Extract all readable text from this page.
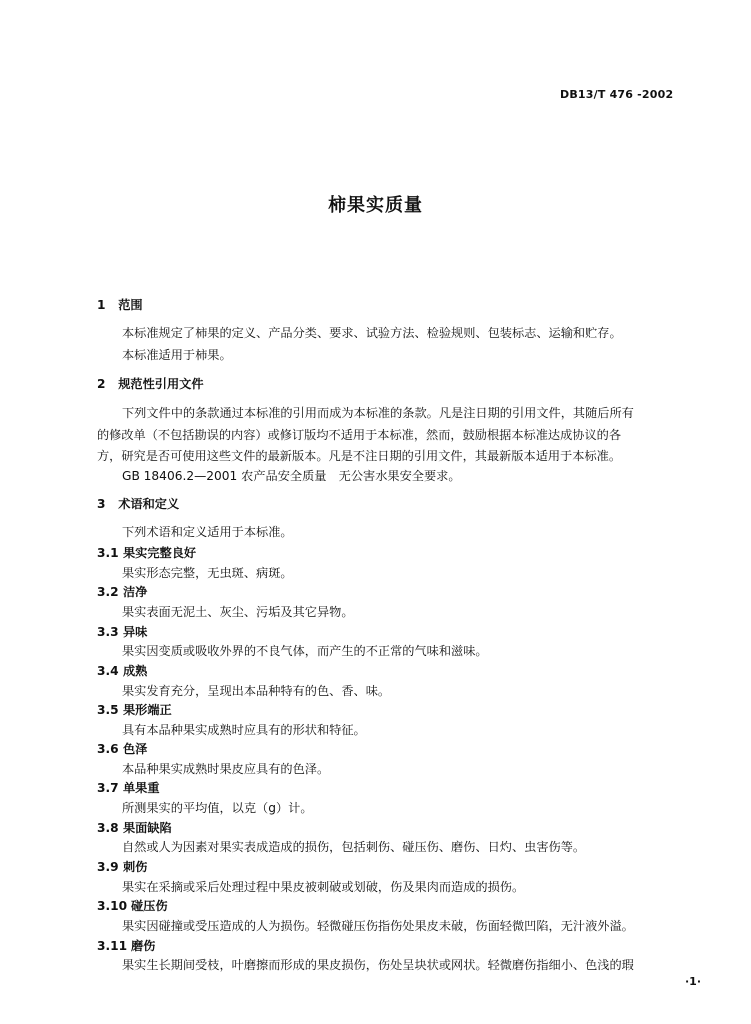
DB13/T 476 -2002
柿果实质量
1 范围
本标准规定了柿果的定义、产品分类、要求、试验方法、检验规则、包装标志、运输和贮存。
本标准适用于柿果。
2 规范性引用文件
下列文件中的条款通过本标准的引用而成为本标准的条款。凡是注日期的引用文件，其随后所有
的修改单（不包括勘误的内容）或修订版均不适用于本标准，然而，鼓励根据本标准达成协议的各
方，研究是否可使用这些文件的最新版本。凡是不注日期的引用文件，其最新版本适用于本标准。
GB 18406.2—2001 农产品安全质量　无公害水果安全要求。
3 术语和定义
下列术语和定义适用于本标准。
3.1 果实完整良好
果实形态完整，无虫斑、病斑。
3.2 洁净
果实表面无泥土、灰尘、污垢及其它异物。
3.3 异味
果实因变质或吸收外界的不良气体，而产生的不正常的气味和滋味。
3.4 成熟
果实发育充分，呈现出本品种特有的色、香、味。
3.5 果形端正
具有本品种果实成熟时应具有的形状和特征。
3.6 色泽
本品种果实成熟时果皮应具有的色泽。
3.7 单果重
所测果实的平均值，以克（g）计。
3.8 果面缺陷
自然或人为因素对果实表成造成的损伤，包括刺伤、碰压伤、磨伤、日灼、虫害伤等。
3.9 刺伤
果实在采摘或采后处理过程中果皮被刺破或划破，伤及果肉而造成的损伤。
3.10 碰压伤
果实因碰撞或受压造成的人为损伤。轻微碰压伤指伤处果皮未破，伤面轻微凹陷，无汁液外溢。
3.11 磨伤
果实生长期间受枝，叶磨擦而形成的果皮损伤，伤处呈块状或网状。轻微磨伤指细小、色浅的瑕
·1·
